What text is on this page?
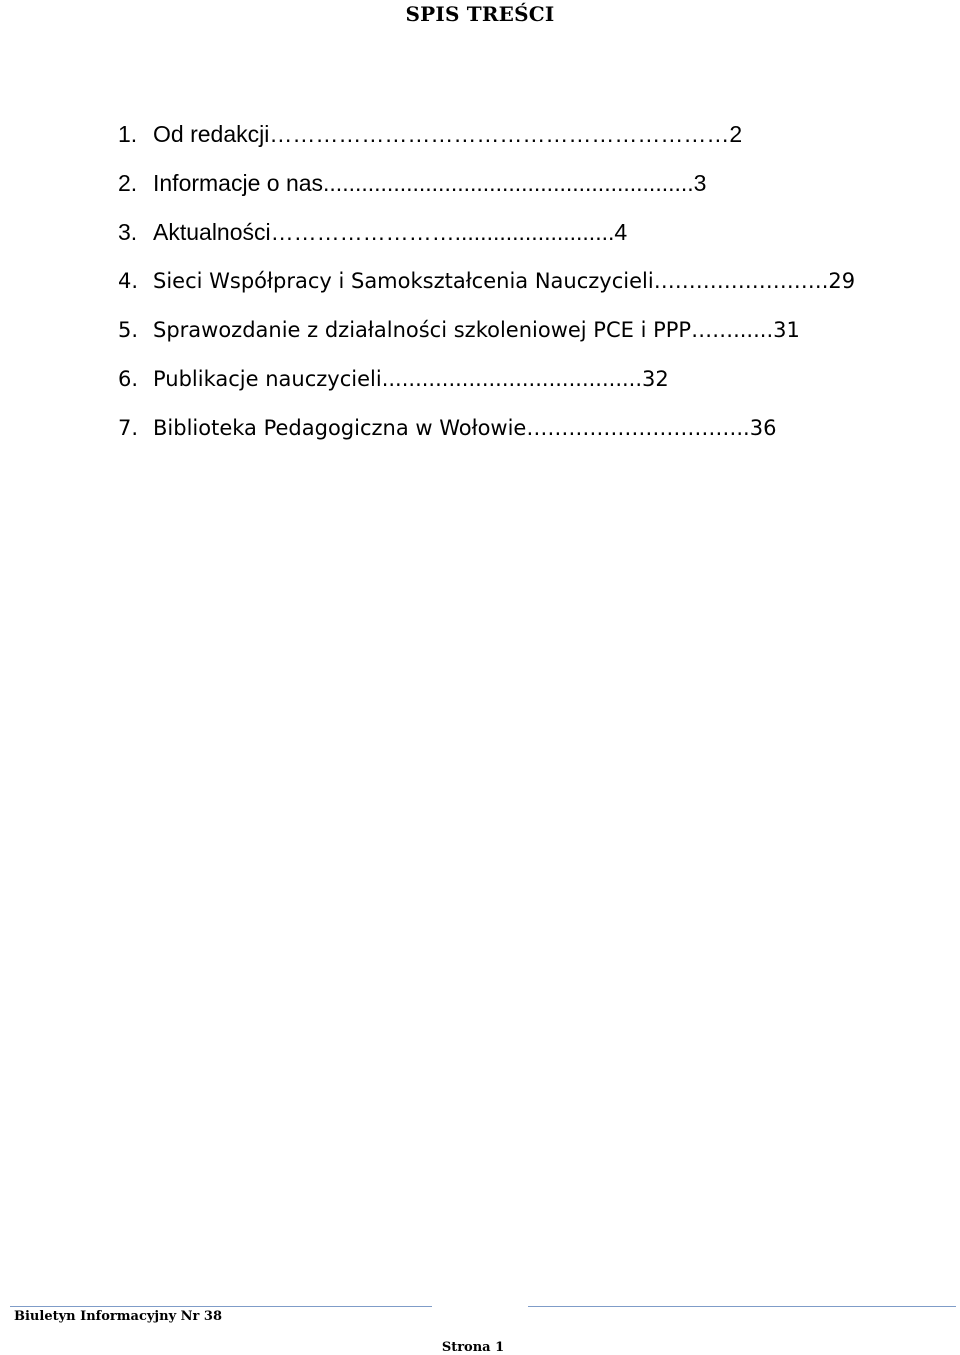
SPIS TREŚCI
1. Od redakcji……………………………………………………2
2. Informacje o nas..........................................................3
3. Aktualności…………………….........................4
4. Sieci Współpracy i Samokształcenia Nauczycieli…………………….29
5. Sprawozdanie z działalności szkoleniowej PCE i PPP……......31
6. Publikacje nauczycieli.......................................32
7. Biblioteka Pedagogiczna w Wołowie…………………………..36
Biuletyn Informacyjny Nr 38
Strona 1
